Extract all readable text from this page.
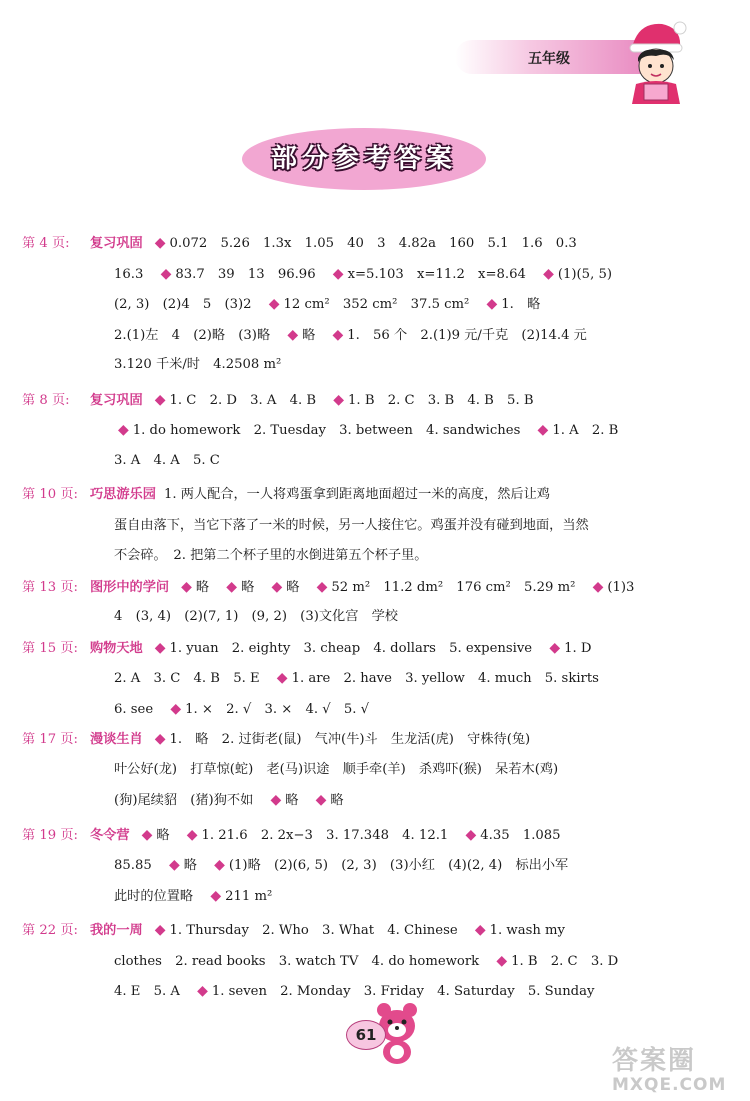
五年级
部分参考答案
第 4 页: 复习巩固 ◆ 0.072　5.26　1.3x　1.05　40　3　4.82a　160　5.1　1.6　0.3
16.3　◆ 83.7　39　13　96.96　◆ x=5.103　x=11.2　x=8.64　◆ (1)(5, 5)
(2, 3)　(2)4　5　(3)2　◆ 12 cm²　352 cm²　37.5 cm²　◆ 1.　略
2.(1)左　4　(2)略　(3)略　◆ 略　◆ 1.　56 个　2.(1)9 元/千克　(2)14.4 元
3.120 千米/时　4.2508 m²
第 8 页: 复习巩固 ◆ 1. C　2. D　3. A　4. B　◆ 1. B　2. C　3. B　4. B　5. B
◆ 1. do homework　2. Tuesday　3. between　4. sandwiches　◆ 1. A　2. B
3. A　4. A　5. C
第 10 页: 巧思游乐园 1. 两人配合，一人将鸡蛋拿到距离地面超过一米的高度，然后让鸡
蛋自由落下，当它下落了一米的时候，另一人接住它。鸡蛋并没有碰到地面，当然
不会碎。　2. 把第二个杯子里的水倒进第五个杯子里。
第 13 页: 图形中的学问 ◆ 略　◆ 略　◆ 略　◆ 52 m²　11.2 dm²　176 cm²　5.29 m²　◆ (1)3
4　(3, 4)　(2)(7, 1)　(9, 2)　(3)文化宫　学校
第 15 页: 购物天地 ◆ 1. yuan　2. eighty　3. cheap　4. dollars　5. expensive　◆ 1. D
2. A　3. C　4. B　5. E　◆ 1. are　2. have　3. yellow　4. much　5. skirts
6. see　◆ 1. ×　2. √　3. ×　4. √　5. √
第 17 页: 漫谈生肖 ◆ 1.　略　2. 过街老(鼠)　气冲(牛)斗　生龙活(虎)　守株待(兔)
叶公好(龙)　打草惊(蛇)　老(马)识途　顺手牵(羊)　杀鸡吓(猴)　呆若木(鸡)
(狗)尾续貂　(猪)狗不如　◆ 略　◆ 略
第 19 页: 冬令营 ◆ 略　◆ 1. 21.6　2. 2x−3　3. 17.348　4. 12.1　◆ 4.35　1.085
85.85　◆ 略　◆ (1)略　(2)(6, 5)　(2, 3)　(3)小红　(4)(2, 4)　标出小军
此时的位置略　◆ 211 m²
第 22 页: 我的一周 ◆ 1. Thursday　2. Who　3. What　4. Chinese　◆ 1. wash my
clothes　2. read books　3. watch TV　4. do homework　◆ 1. B　2. C　3. D
4. E　5. A　◆ 1. seven　2. Monday　3. Friday　4. Saturday　5. Sunday
61
答案圈
MXQE.COM
